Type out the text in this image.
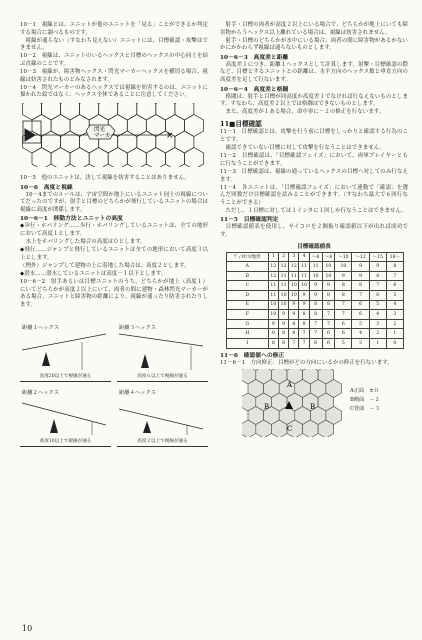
10－1　視線とは、ユニットが他のユニットを「見る」ことができるか判定する場合に調べるものです。

　視線が通らない（すなわち見えない）ユニットには、目標確認・攻撃はできません。

10－2　視線は、ユニットのいるヘックスと目標のヘックスの中心同士を結ぶ直線のことです。

10－3　視線が、障害物ヘックス・閃光マーカーヘックスを横切る場合、視線は妨害されたものとみなされます。

10－4　閃光マーカーのあるヘックスでは視線を妨害するのは、ユニットに描かれた絵ではなく、ヘックス全体であることに注意してください。

×
閃光マーカー

10－5　他のユニットは、決して視線を妨害することはありません。

10－6　高度と視線

　10－4までのルールは、宇宙空間か地上にいるユニット同士の視線についてだったのですが、射手と目標のどちらかが飛行しているユニットの場合は視線に高度が関係します。

10－6－1　移動方法とユニットの高度

◆歩行・ホバリング……歩行・ホバリングしているユニットは、全ての地形において高度１とします。

　水上をホバリングした場合の高度は０とします。

◆飛行……ジャンプと飛行しているユニットは全ての地形において高度３以上とします。

（例外）ジャンプして建物の上に着地した場合は、高度２とします。

◆潜水……潜水しているユニットは高度－１以下とします。

10－6－2　射手あるいは目標ユニットのうち、どちらかが地上（高度１）にいてどちらかが高度２以上にいて、両者の間に建物・森林閃光マーカーがある場合、ユニットと障害物の距離により、視線が通ったり防害されたりします。

距離１ヘックス
高度20以上で視線が通る
距離３ヘックス
高度６以上で視線が通る
距離２ヘックス
高度10以上で視線が通る
距離４ヘックス
高度２以上で視線が通る

　射手・目標の両者が高度２以上にいる場合で、どちらかが地上にいても障害物から５ヘックス以上離れている場合は、視線は妨害されません。

　射手・目標のどちらかが水中にいる場合、両者の間に障害物があるかないかにかかわらず視線は通らないものとします。

10－6－3　高度差と距離

　高度差１につき、距離１ヘックスとして計算します。射撃・目標確認の際など、目標とするユニットとの距離は、水平方向のヘックス数と垂直方向の高度差を足して行ないます。

10－6－4　高度差と格闘

　格闘は、射手と目標が同高度か高度差１でなければ行なえないものとします。すなわち、高度差２以上では格闘はできないものとします。

　また、高度差が１ある場合、命中率に－２の修正を行ないます。

11■目標確認

11－1　目標確認とは、攻撃を行う前に目標をしっかりと確認する行為のことです。

　確認できていない目標に対して攻撃を行なうことはできません。

11－2　目標確認は、「目標確認フェイズ」において、両軍プレイヤーともに行なうことができます。

11－3　目標確認は、視線の通っているヘックスの目標へ対してのみ行なえます。

11－4　各ユニットは、「目標確認フェイズ」において連動で「確認」を選んだ回数だけ目標確認を試みることができます。（すなわち最大で６回行なうことができる）

　ただし、１目標に対しては１インタに１回しか行なうことはできません。

11－5　目標確認判定

　目標確認値表を使用し、サイコロを２個振り確認値以下が出れば成功です。

目標確認値表
ﾃﾞｨｽﾀﾝｽ/地形	1	2	3	4	～6	～8	～10	～12	～15	16～
A	13	12	12	11	11	10	10	9	9	8
B	12	11	11	11	10	10	9	9	8	7
C	11	11	10	10	9	9	8	8	7	6
D	11	10	10	9	9	8	8	7	6	5
E	10	10	9	9	8	8	7	6	5	4
F	10	9	9	8	8	7	7	6	4	3
G	9	9	8	8	7	7	6	5	3	2
H	9	8	8	7	7	6	6	4	2	1
I	8	8	7	7	6	6	5	3	1	0
11－6　確認値への修正

11－6－1　方向修正：目標がどの方向にいるかの修正を行ないます。

A
B	B
C
A正面　±０
B側面　－２
C背面　－３
10
